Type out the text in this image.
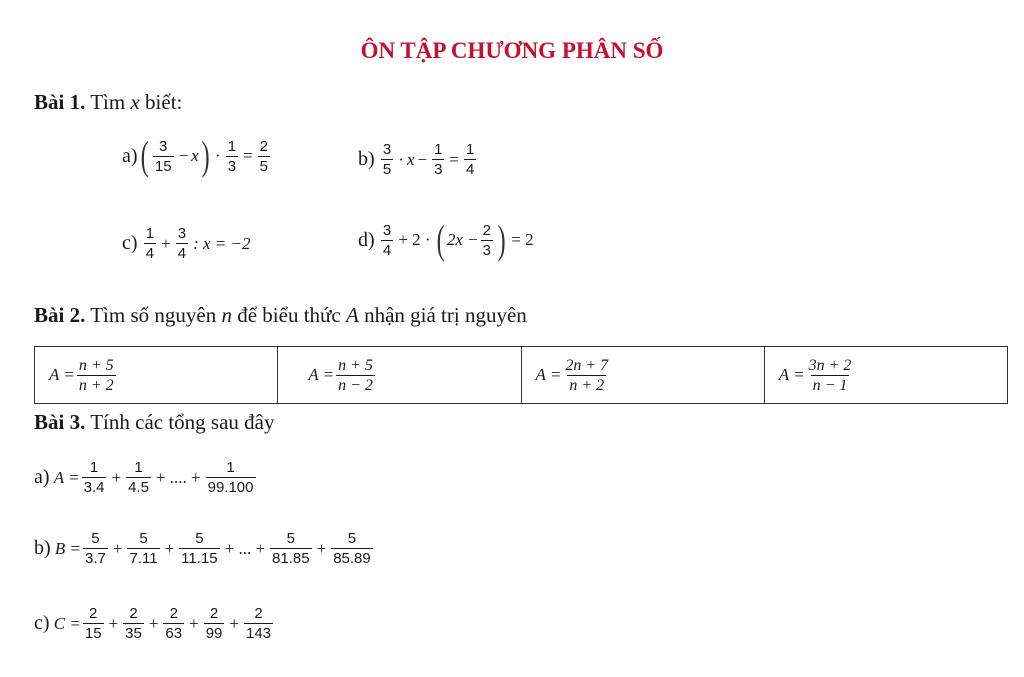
ÔN TẬP CHƯƠNG PHÂN SỐ
Bài 1. Tìm x biết:
a) ( $\frac{3}{15} - x$ ) · $\frac{1}{3} = \frac{2}{5}$	b)
$\frac{3}{5} \cdot x - \frac{1}{3} = \frac{1}{4}$
c)
$\frac{1}{4} + \frac{3}{4}$ : x = −2	d)
$\frac{3}{4} + 2$ · ( $2x - \frac{2}{3}$ ) = 2
Bài 2. Tìm số nguyên n để biểu thức A nhận giá trị nguyên
$A = \frac{n + 5}{n + 2}$	$A = \frac{n + 5}{n - 2}$	$A = \frac{2n + 7}{n + 2}$	$A = \frac{3n + 2}{n - 1}$
Bài 3. Tính các tổng sau đây
a)
$A = \frac{1}{3.4} + \frac{1}{4.5}$ + .... + $\frac{1}{99.100}$
b)
$B = \frac{5}{3.7} + \frac{5}{7.11} + \frac{5}{11.15}$ + ... + $\frac{5}{81.85} + \frac{5}{85.89}$
c)
$C = \frac{2}{15} + \frac{2}{35} + \frac{2}{63} + \frac{2}{99} + \frac{2}{143}$
